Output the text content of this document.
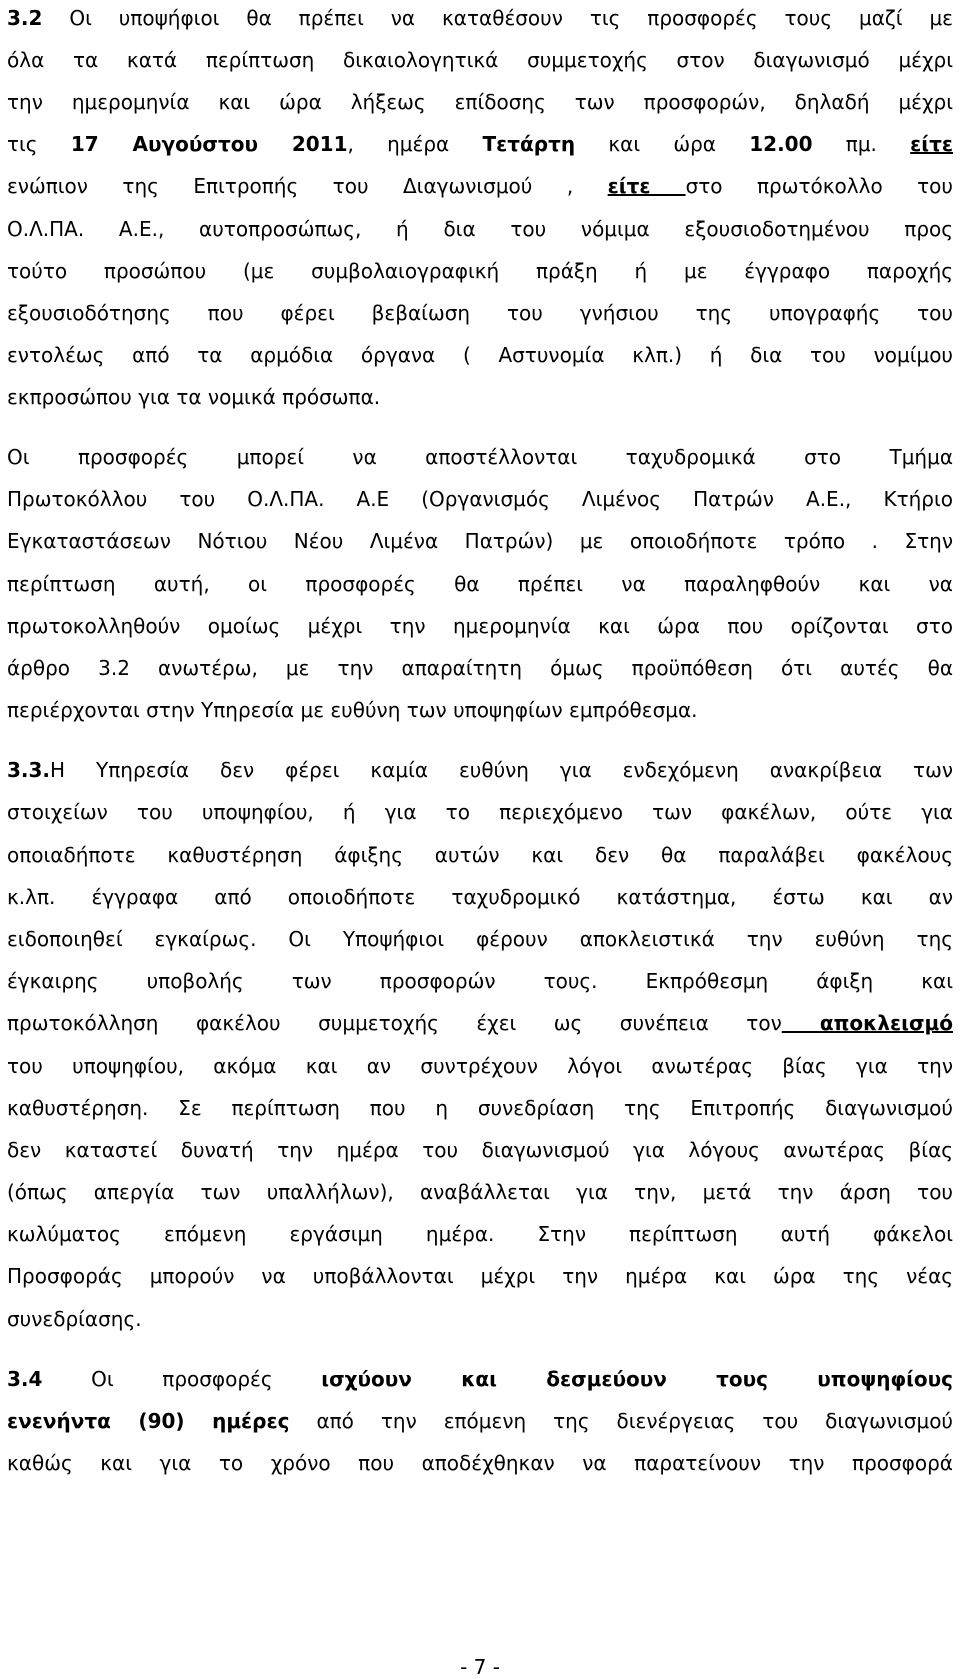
3.2 Οι υποψήφιοι θα πρέπει να καταθέσουν τις προσφορές τους μαζί με
όλα τα κατά περίπτωση δικαιολογητικά συμμετοχής στον διαγωνισμό μέχρι
την ημερομηνία και ώρα λήξεως επίδοσης των προσφορών, δηλαδή μέχρι
τις 17 Αυγούστου 2011, ημέρα Τετάρτη και ώρα 12.00 πμ. είτε
ενώπιον της Επιτροπής του Διαγωνισμού , είτε στο πρωτόκολλο του
Ο.Λ.ΠΑ. Α.Ε., αυτοπροσώπως, ή δια του νόμιμα εξουσιοδοτημένου προς
τούτο προσώπου (με συμβολαιογραφική πράξη ή με έγγραφο παροχής
εξουσιοδότησης που φέρει βεβαίωση του γνήσιου της υπογραφής του
εντολέως από τα αρμόδια όργανα ( Αστυνομία κλπ.) ή δια του νομίμου
εκπροσώπου για τα νομικά πρόσωπα.
Οι προσφορές μπορεί να αποστέλλονται ταχυδρομικά στο Τμήμα
Πρωτοκόλλου του Ο.Λ.ΠΑ. Α.Ε (Οργανισμός Λιμένος Πατρών Α.Ε., Κτήριο
Εγκαταστάσεων Νότιου Νέου Λιμένα Πατρών) με οποιοδήποτε τρόπο . Στην
περίπτωση αυτή, οι προσφορές θα πρέπει να παραληφθούν και να
πρωτοκολληθούν ομοίως μέχρι την ημερομηνία και ώρα που ορίζονται στο
άρθρο 3.2 ανωτέρω, με την απαραίτητη όμως προϋπόθεση ότι αυτές θα
περιέρχονται στην Υπηρεσία με ευθύνη των υποψηφίων εμπρόθεσμα.
3.3.Η Υπηρεσία δεν φέρει καμία ευθύνη για ενδεχόμενη ανακρίβεια των
στοιχείων του υποψηφίου, ή για το περιεχόμενο των φακέλων, ούτε για
οποιαδήποτε καθυστέρηση άφιξης αυτών και δεν θα παραλάβει φακέλους
κ.λπ. έγγραφα από οποιοδήποτε ταχυδρομικό κατάστημα, έστω και αν
ειδοποιηθεί εγκαίρως. Οι Υποψήφιοι φέρουν αποκλειστικά την ευθύνη της
έγκαιρης υποβολής των προσφορών τους. Εκπρόθεσμη άφιξη και
πρωτοκόλληση φακέλου συμμετοχής έχει ως συνέπεια τον αποκλεισμό
του υποψηφίου, ακόμα και αν συντρέχουν λόγοι ανωτέρας βίας για την
καθυστέρηση. Σε περίπτωση που η συνεδρίαση της Επιτροπής διαγωνισμού
δεν καταστεί δυνατή την ημέρα του διαγωνισμού για λόγους ανωτέρας βίας
(όπως απεργία των υπαλλήλων), αναβάλλεται για την, μετά την άρση του
κωλύματος επόμενη εργάσιμη ημέρα. Στην περίπτωση αυτή φάκελοι
Προσφοράς μπορούν να υποβάλλονται μέχρι την ημέρα και ώρα της νέας
συνεδρίασης.
3.4 Οι προσφορές ισχύουν και δεσμεύουν τους υποψηφίους
ενενήντα (90) ημέρες από την επόμενη της διενέργειας του διαγωνισμού
καθώς και για το χρόνο που αποδέχθηκαν να παρατείνουν την προσφορά
- 7 -
